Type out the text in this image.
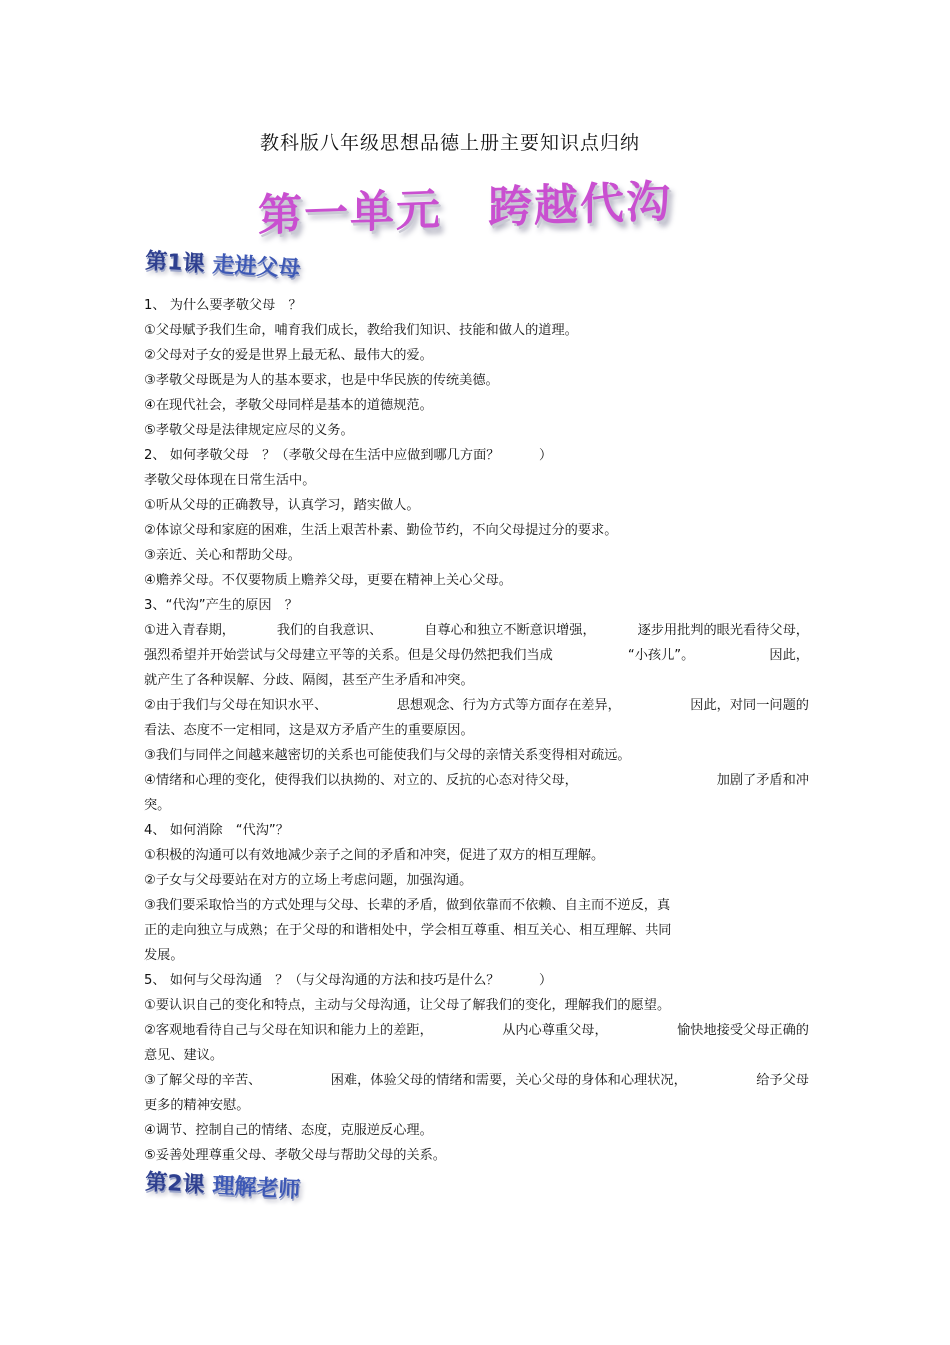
教科版八年级思想品德上册主要知识点归纳
第一单元　跨越代沟
第1课 走进父母
1、 为什么要孝敬父母　？
①父母赋予我们生命，哺育我们成长，教给我们知识、技能和做人的道理。
②父母对子女的爱是世界上最无私、最伟大的爱。
③孝敬父母既是为人的基本要求，也是中华民族的传统美德。
④在现代社会，孝敬父母同样是基本的道德规范。
⑤孝敬父母是法律规定应尽的义务。
2、 如何孝敬父母　？（孝敬父母在生活中应做到哪几方面？　　　）
孝敬父母体现在日常生活中。
①听从父母的正确教导，认真学习，踏实做人。
②体谅父母和家庭的困难，生活上艰苦朴素、勤俭节约，不向父母提过分的要求。
③亲近、关心和帮助父母。
④赡养父母。不仅要物质上赡养父母，更要在精神上关心父母。
3、“代沟”产生的原因　？
①进入青春期，	我们的自我意识、	自尊心和独立不断意识增强，	逐步用批判的眼光看待父母，
强烈希望并开始尝试与父母建立平等的关系。但是父母仍然把我们当成	“小孩儿”。	因此，
就产生了各种误解、分歧、隔阂，甚至产生矛盾和冲突。
②由于我们与父母在知识水平、	思想观念、行为方式等方面存在差异，	因此，对同一问题的
看法、态度不一定相同，这是双方矛盾产生的重要原因。
③我们与同伴之间越来越密切的关系也可能使我们与父母的亲情关系变得相对疏远。
④情绪和心理的变化，使得我们以执拗的、对立的、反抗的心态对待父母，	加剧了矛盾和冲
突。
4、 如何消除　“代沟”？
①积极的沟通可以有效地减少亲子之间的矛盾和冲突，促进了双方的相互理解。
②子女与父母要站在对方的立场上考虑问题，加强沟通。
③我们要采取恰当的方式处理与父母、长辈的矛盾，做到依靠而不依赖、自主而不逆反，真
正的走向独立与成熟；在于父母的和谐相处中，学会相互尊重、相互关心、相互理解、共同
发展。
5、 如何与父母沟通　？（与父母沟通的方法和技巧是什么？　　　）
①要认识自己的变化和特点，主动与父母沟通，让父母了解我们的变化，理解我们的愿望。
②客观地看待自己与父母在知识和能力上的差距，	从内心尊重父母，	愉快地接受父母正确的
意见、建议。
③了解父母的辛苦、	困难，体验父母的情绪和需要，关心父母的身体和心理状况，	给予父母
更多的精神安慰。
④调节、控制自己的情绪、态度，克服逆反心理。
⑤妥善处理尊重父母、孝敬父母与帮助父母的关系。
第2课 理解老师
